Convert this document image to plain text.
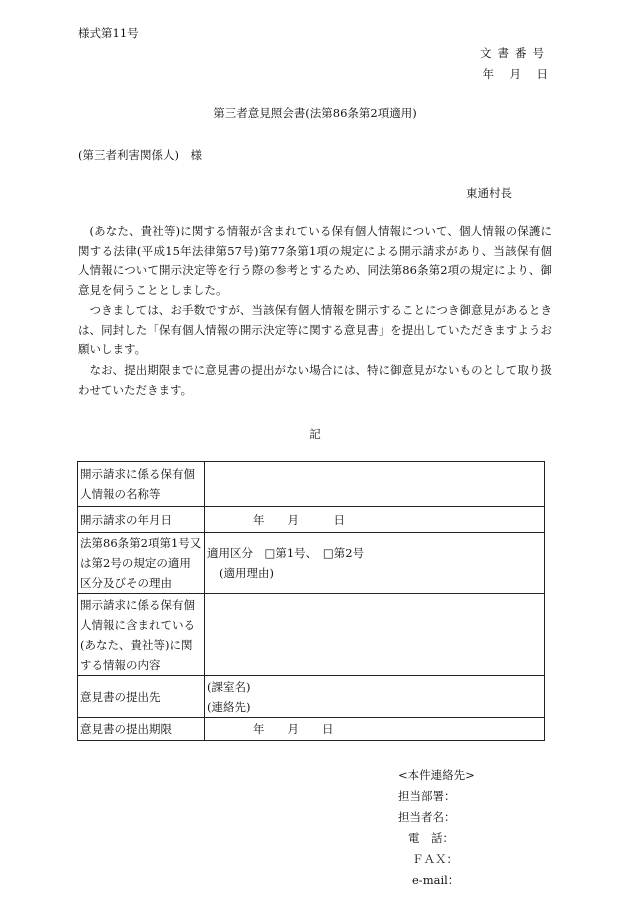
様式第11号
文書番号
年　月　日
第三者意見照会書(法第86条第2項適用)
(第三者利害関係人)　様
東通村長

(あなた、貴社等)に関する情報が含まれている保有個人情報について、個人情報の保護に関する法律(平成15年法律第57号)第77条第1項の規定による開示請求があり、当該保有個人情報について開示決定等を行う際の参考とするため、同法第86条第2項の規定により、御意見を伺うこととしました。

つきましては、お手数ですが、当該保有個人情報を開示することにつき御意見があるときは、同封した「保有個人情報の開示決定等に関する意見書」を提出していただきますようお願いします。

なお、提出期限までに意見書の提出がない場合には、特に御意見がないものとして取り扱わせていただきます。

記
開示請求に係る保有個人情報の名称等	
開示請求の年月日	年　　月　　　日
法第86条第2項第1号又は第2号の規定の適用区分及びその理由	適用区分　□第1号、　□第2号
(適用理由)

開示請求に係る保有個人情報に含まれている(あなた、貴社等)に関する情報の内容	
意見書の提出先	(課室名)
(連絡先)

意見書の提出期限	年　　月　　日
<本件連絡先>
担当部署：
担当者名：
電　話：
ＦＡＸ：
e-mail：
